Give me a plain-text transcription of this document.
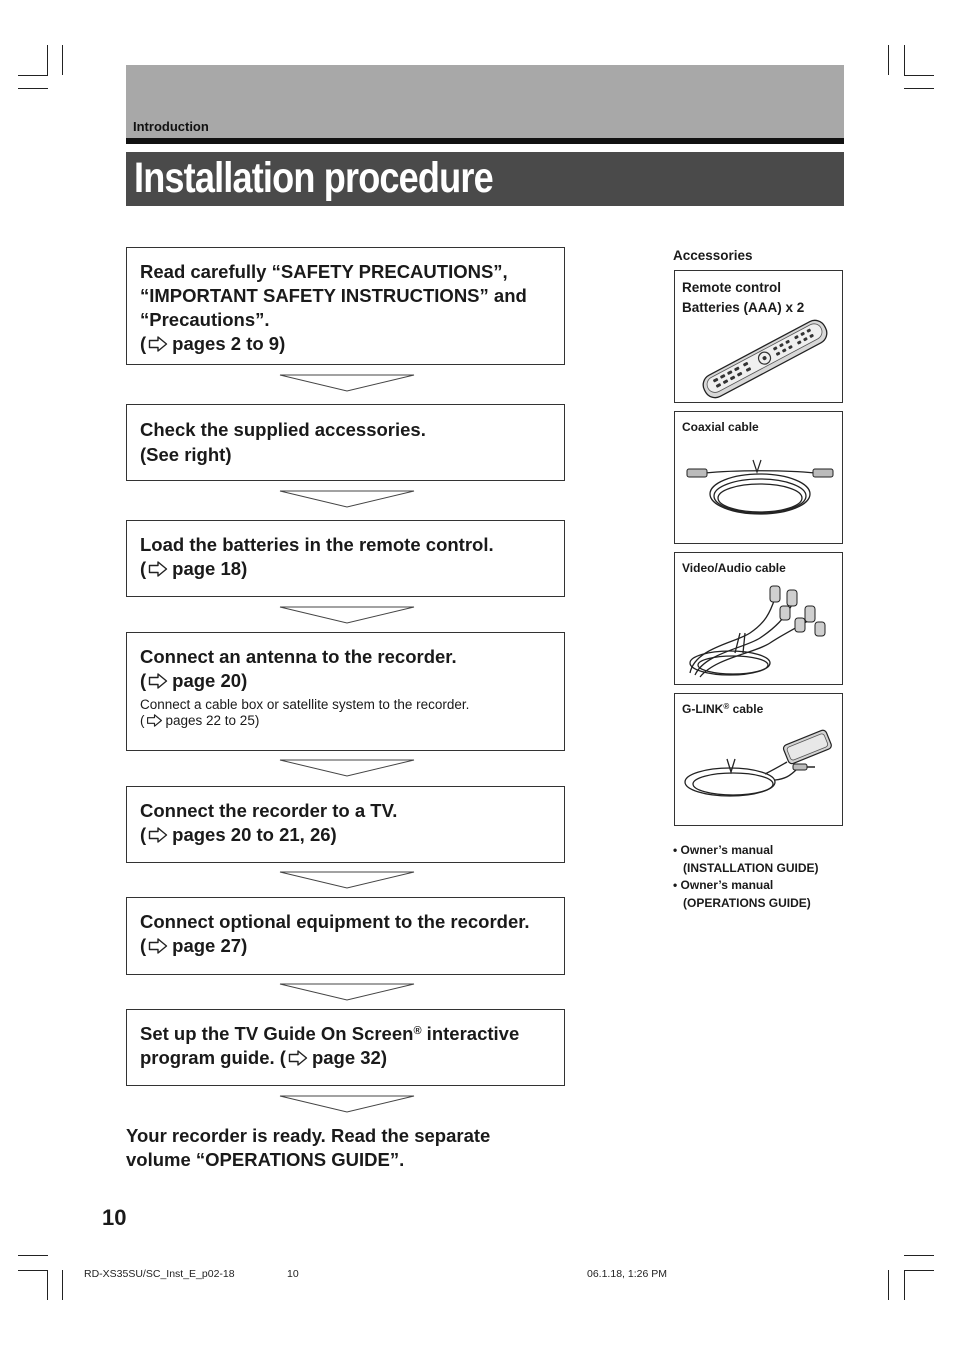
Introduction
Installation procedure
Read carefully “SAFETY PRECAUTIONS”,
“IMPORTANT SAFETY INSTRUCTIONS” and
“Precautions”.
( pages 2 to 9)
Check the supplied accessories.
(See right)
Load the batteries in the remote control.
( page 18)
Connect an antenna to the recorder.
( page 20)
Connect a cable box or satellite system to the recorder.
( pages 22 to 25)
Connect the recorder to a TV.
( pages 20 to 21, 26)
Connect optional equipment to the recorder.
( page 27)
Set up the TV Guide On Screen® interactive
program guide. ( page 32)
Your recorder is ready. Read the separate
volume “OPERATIONS GUIDE”.
Accessories
Remote control
Batteries (AAA) x 2
Coaxial cable
Video/Audio cable
G-LINK® cable
• Owner’s manual
(INSTALLATION GUIDE)
• Owner’s manual
(OPERATIONS GUIDE)
10
RD-XS35SU/SC_Inst_E_p02-18	10	06.1.18, 1:26 PM
